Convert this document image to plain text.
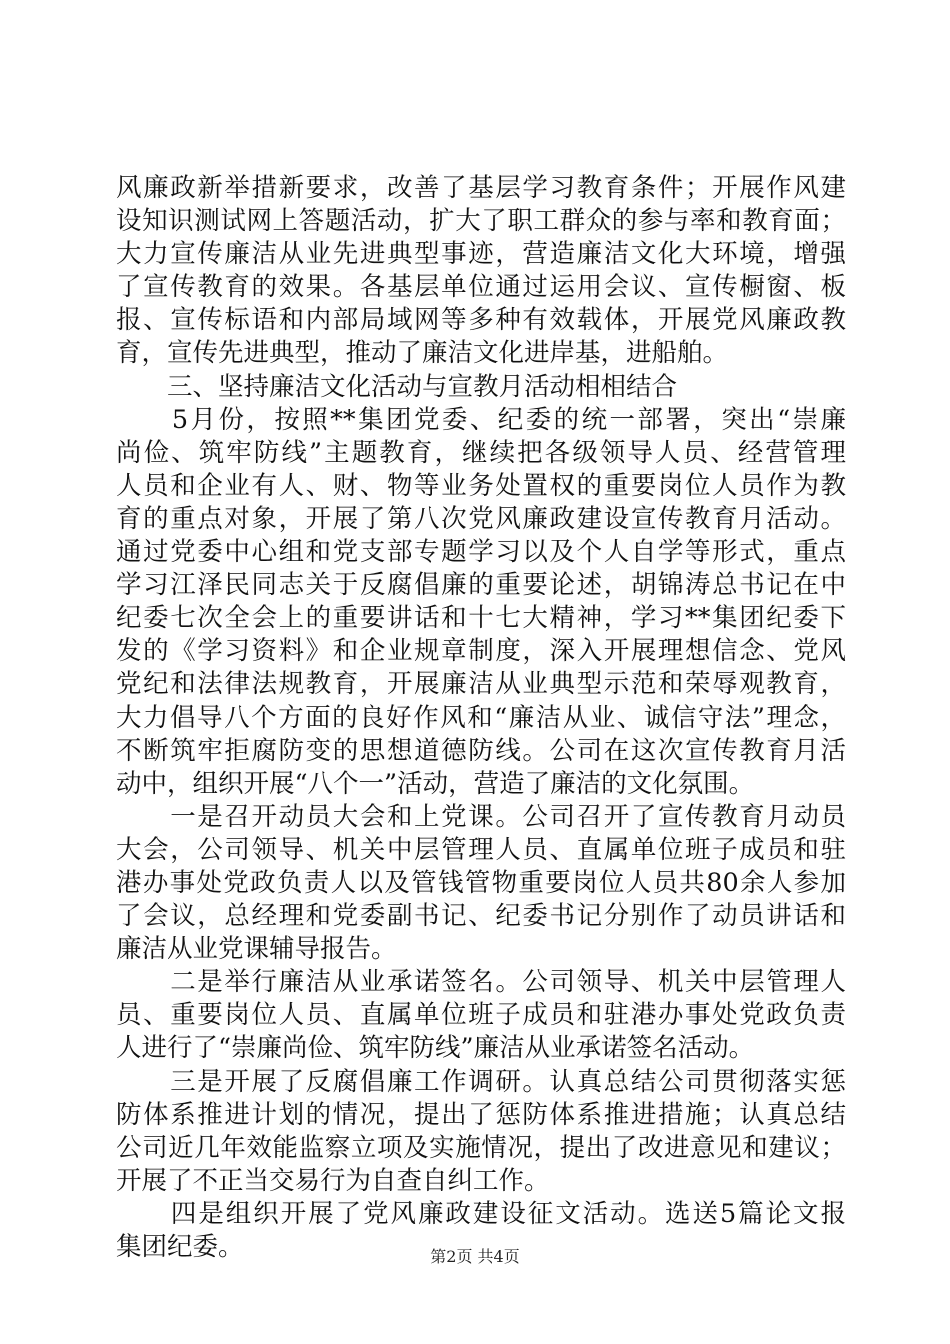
风廉政新举措新要求，改善了基层学习教育条件；开展作风建
设知识测试网上答题活动，扩大了职工群众的参与率和教育面；
大力宣传廉洁从业先进典型事迹，营造廉洁文化大环境，增强
了宣传教育的效果。各基层单位通过运用会议、宣传橱窗、板
报、宣传标语和内部局域网等多种有效载体，开展党风廉政教
育，宣传先进典型，推动了廉洁文化进岸基，进船舶。
　　三、坚持廉洁文化活动与宣教月活动相相结合
　　5月份，按照**集团党委、纪委的统一部署，突出“崇廉
尚俭、筑牢防线”主题教育，继续把各级领导人员、经营管理
人员和企业有人、财、物等业务处置权的重要岗位人员作为教
育的重点对象，开展了第八次党风廉政建设宣传教育月活动。
通过党委中心组和党支部专题学习以及个人自学等形式，重点
学习江泽民同志关于反腐倡廉的重要论述，胡锦涛总书记在中
纪委七次全会上的重要讲话和十七大精神，学习**集团纪委下
发的《学习资料》和企业规章制度，深入开展理想信念、党风
党纪和法律法规教育，开展廉洁从业典型示范和荣辱观教育，
大力倡导八个方面的良好作风和“廉洁从业、诚信守法”理念，
不断筑牢拒腐防变的思想道德防线。公司在这次宣传教育月活
动中，组织开展“八个一”活动，营造了廉洁的文化氛围。
　　一是召开动员大会和上党课。公司召开了宣传教育月动员
大会，公司领导、机关中层管理人员、直属单位班子成员和驻
港办事处党政负责人以及管钱管物重要岗位人员共80余人参加
了会议，总经理和党委副书记、纪委书记分别作了动员讲话和
廉洁从业党课辅导报告。
　　二是举行廉洁从业承诺签名。公司领导、机关中层管理人
员、重要岗位人员、直属单位班子成员和驻港办事处党政负责
人进行了“崇廉尚俭、筑牢防线”廉洁从业承诺签名活动。
　　三是开展了反腐倡廉工作调研。认真总结公司贯彻落实惩
防体系推进计划的情况，提出了惩防体系推进措施；认真总结
公司近几年效能监察立项及实施情况，提出了改进意见和建议；
开展了不正当交易行为自查自纠工作。
　　四是组织开展了党风廉政建设征文活动。选送5篇论文报
集团纪委。	第2页 共4页
